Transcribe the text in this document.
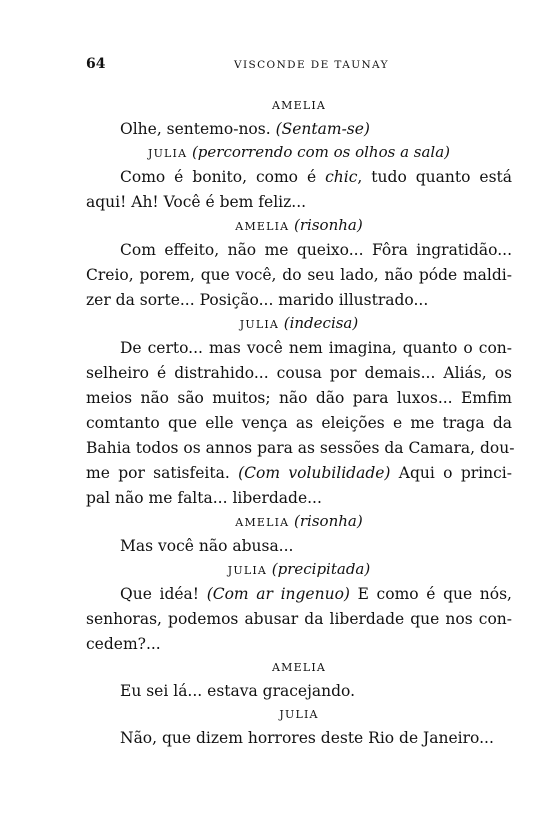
64	VISCONDE DE TAUNAY
AMELIA
Olhe, sentemo-nos. (Sentam-se)
JULIA (percorrendo com os olhos a sala)
Como é bonito, como é chic, tudo quanto está
aqui! Ah! Você é bem feliz...
AMELIA (risonha)
Com effeito, não me queixo... Fôra ingratidão...
Creio, porem, que você, do seu lado, não póde maldi-
zer da sorte... Posição... marido illustrado...
JULIA (indecisa)
De certo... mas você nem imagina, quanto o con-
selheiro é distrahido... cousa por demais... Aliás, os
meios não são muitos; não dão para luxos... Emfim
comtanto que elle vença as eleições e me traga da
Bahia todos os annos para as sessões da Camara, dou-
me por satisfeita. (Com volubilidade) Aqui o princi-
pal não me falta... liberdade...
AMELIA (risonha)
Mas você não abusa...
JULIA (precipitada)
Que idéa! (Com ar ingenuo) E como é que nós,
senhoras, podemos abusar da liberdade que nos con-
cedem?...
AMELIA
Eu sei lá... estava gracejando.
JULIA
Não, que dizem horrores deste Rio de Janeiro...
